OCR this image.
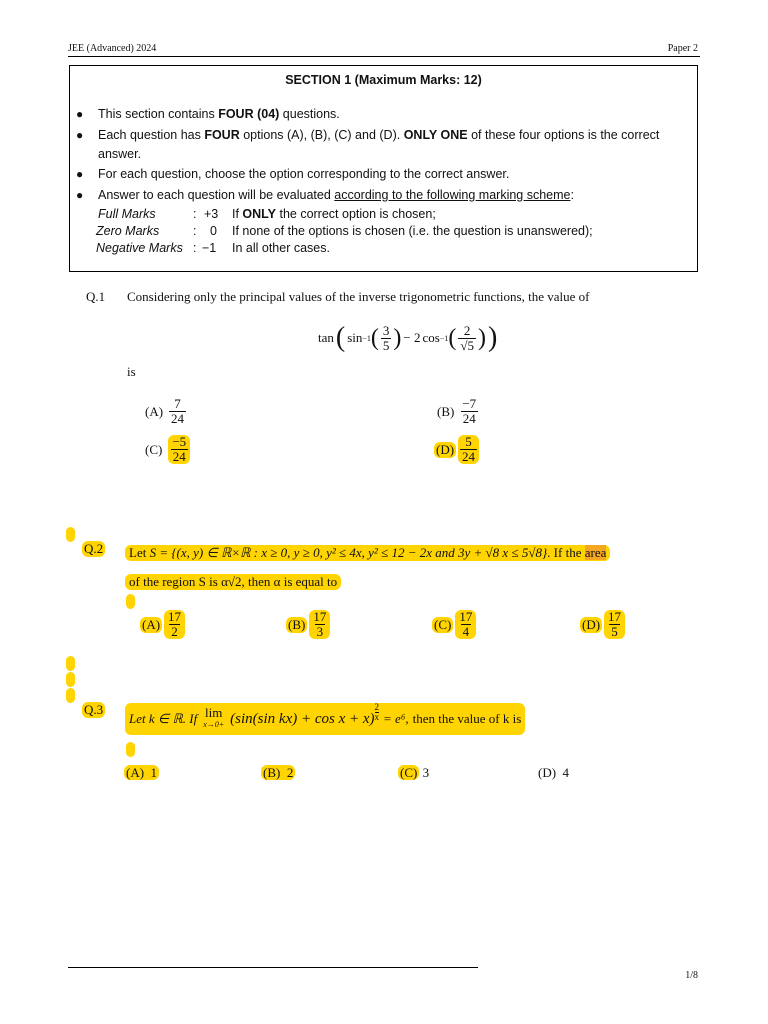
JEE (Advanced) 2024	Paper 2
SECTION 1 (Maximum Marks: 12)
● This section contains FOUR (04) questions.
● Each question has FOUR options (A), (B), (C) and (D). ONLY ONE of these four options is the correct
answer.
● For each question, choose the option corresponding to the correct answer.
● Answer to each question will be evaluated according to the following marking scheme:
Full Marks	: +3 If ONLY the correct option is chosen;
Zero Marks	: 0 If none of the options is chosen (i.e. the question is unanswered);
Negative Marks : −1 In all other cases.
Q.1 Considering only the principal values of the inverse trigonometric functions, the value of
tan ( sin −1 ( $\frac{3}{5}$ ) − 2 cos −1 ( $\frac{2}{√5}$ ) )
is
$(A) \frac{7}{24}$	$(B) \frac{-7}{24}$
$(C) \frac{-5}{24}$	$(D) \frac{5}{24}$
Q.2	Let S = {(x, y) ∈ ℝ×ℝ : x ≥ 0, y ≥ 0, y² ≤ 4x, y² ≤ 12 − 2x and 3y + √8 x ≤ 5√8}. If the area
of the region S is α√2, then α is equal to
$(A) \frac{17}{2}$	$(B) \frac{17}{3}$	$(C) \frac{17}{4}$	$(D) \frac{17}{5}$
Q.3
Let k ∈ ℝ. If lim
x→0+ (sin(sin $kx) + \cos x + x) \frac{2}{x} = e^6$, then the value of k is
(A) 1	(B) 2	(C) 3	(D) 4
1/8
